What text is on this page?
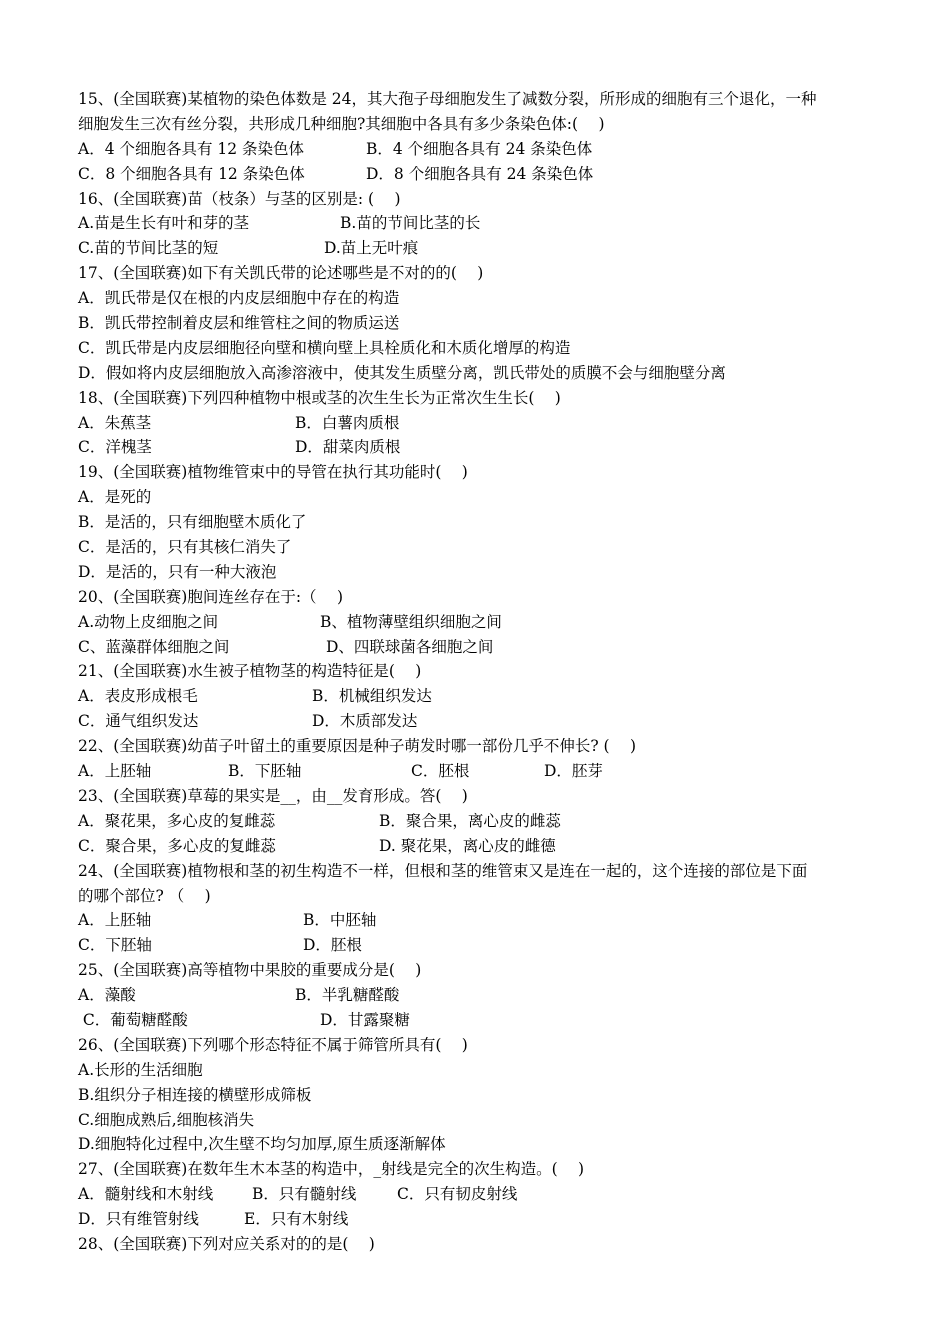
15、(全国联赛)某植物的染色体数是 24，其大孢子母细胞发生了减数分裂，所形成的细胞有三个退化，一种
细胞发生三次有丝分裂，共形成几种细胞?其细胞中各具有多少条染色体:(　 )
A．4 个细胞各具有 12 条染色体	B．4 个细胞各具有 24 条染色体
C．8 个细胞各具有 12 条染色体	D．8 个细胞各具有 24 条染色体
16、(全国联赛)苗（枝条）与茎的区别是: (　 )
A.苗是生长有叶和芽的茎	B.苗的节间比茎的长
C.苗的节间比茎的短	D.苗上无叶痕
17、(全国联赛)如下有关凯氏带的论述哪些是不对的的(　 )
A．凯氏带是仅在根的内皮层细胞中存在的构造
B．凯氏带控制着皮层和维管柱之间的物质运送
C．凯氏带是内皮层细胞径向壁和横向壁上具栓质化和木质化增厚的构造
D．假如将内皮层细胞放入高渗溶液中，使其发生质壁分离，凯氏带处的质膜不会与细胞壁分离
18、(全国联赛)下列四种植物中根或茎的次生生长为正常次生生长(　 )
A．朱蕉茎	B．白薯肉质根
C．洋槐茎	D．甜菜肉质根
19、(全国联赛)植物维管束中的导管在执行其功能时(　 )
A．是死的
B．是活的，只有细胞壁木质化了
C．是活的，只有其核仁消失了
D．是活的，只有一种大液泡
20、(全国联赛)胞间连丝存在于:（　 )
A.动物上皮细胞之间	B、植物薄壁组织细胞之间
C、蓝藻群体细胞之间	D、四联球菌各细胞之间
21、(全国联赛)水生被子植物茎的构造特征是(　 )
A．表皮形成根毛	B．机械组织发达
C．通气组织发达	D．木质部发达
22、(全国联赛)幼苗子叶留土的重要原因是种子萌发时哪一部份几乎不伸长? (　 )
A．上胚轴	B．下胚轴	C．胚根	D．胚芽
23、(全国联赛)草莓的果实是__，由__发育形成。答(　 )
A．聚花果，多心皮的复雌蕊	B．聚合果，离心皮的雌蕊
C．聚合果，多心皮的复雌蕊	D. 聚花果，离心皮的雌德
24、(全国联赛)植物根和茎的初生构造不一样，但根和茎的维管束又是连在一起的，这个连接的部位是下面
的哪个部位? （　 )
A．上胚轴	B．中胚轴
C．下胚轴	D．胚根
25、(全国联赛)高等植物中果胶的重要成分是(　 )
A．藻酸	B．半乳糖醛酸
C．葡萄糖醛酸	D．甘露聚糖
26、(全国联赛)下列哪个形态特征不属于筛管所具有(　 )
A.长形的生活细胞
B.组织分子相连接的横壁形成筛板
C.细胞成熟后,细胞核消失
D.细胞特化过程中,次生壁不均匀加厚,原生质逐渐解体
27、(全国联赛)在数年生木本茎的构造中，_射线是完全的次生构造。(　 )
A．髓射线和木射线	B．只有髓射线	C．只有韧皮射线
D．只有维管射线	E．只有木射线
28、(全国联赛)下列对应关系对的的是(　 )
